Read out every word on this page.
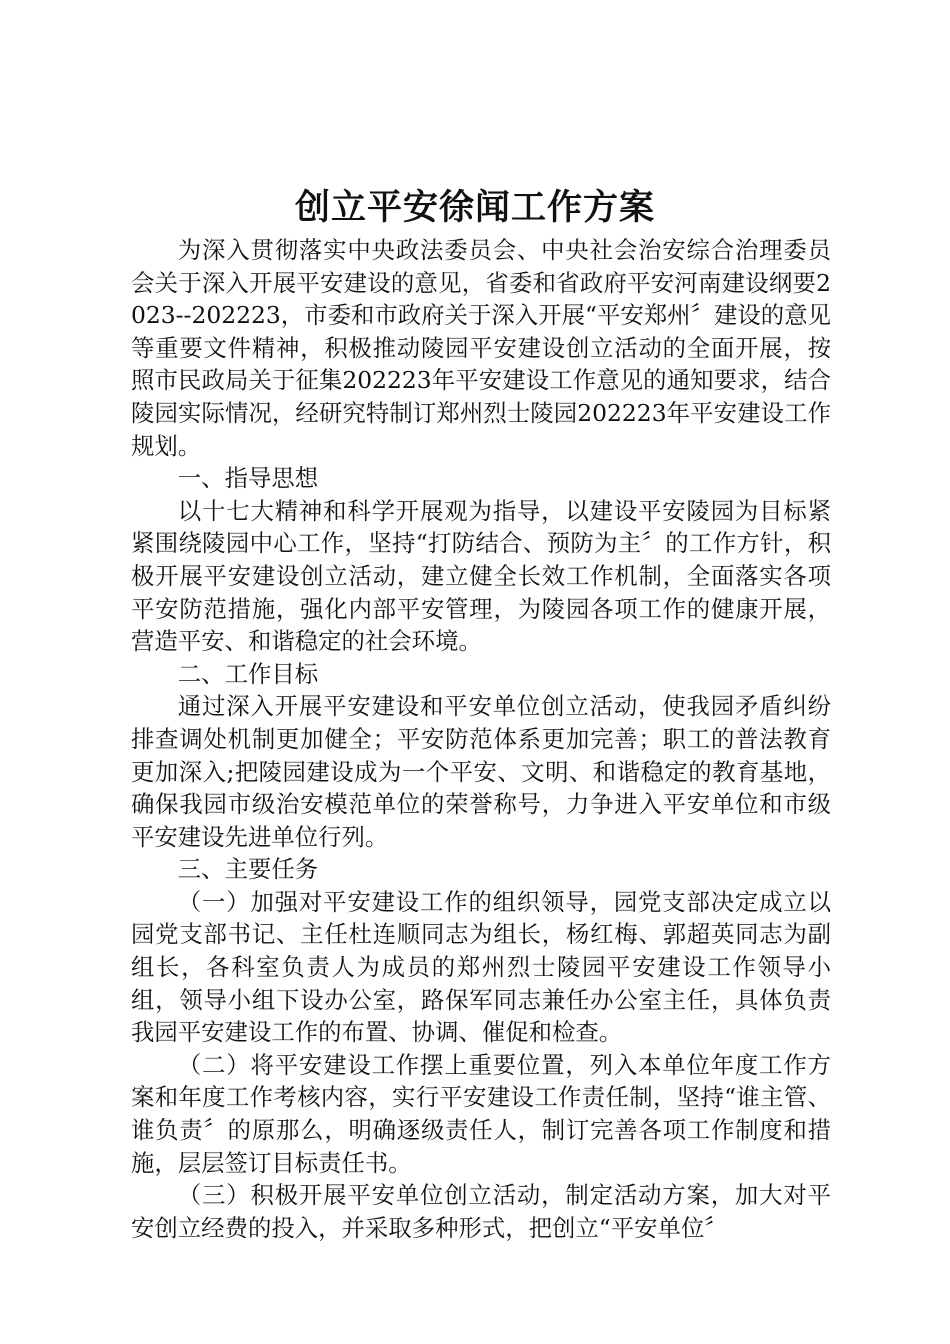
创立平安徐闻工作方案

为深入贯彻落实中央政法委员会、中央社会治安综合治理委员会关于深入开展平安建设的意见，省委和省政府平安河南建设纲要2023--202223，市委和市政府关于深入开展“平安郑州〞建设的意见等重要文件精神，积极推动陵园平安建设创立活动的全面开展，按照市民政局关于征集202223年平安建设工作意见的通知要求，结合陵园实际情况，经研究特制订郑州烈士陵园202223年平安建设工作规划。

一、指导思想

以十七大精神和科学开展观为指导，以建设平安陵园为目标紧紧围绕陵园中心工作，坚持“打防结合、预防为主〞的工作方针，积极开展平安建设创立活动，建立健全长效工作机制，全面落实各项平安防范措施，强化内部平安管理，为陵园各项工作的健康开展，营造平安、和谐稳定的社会环境。

二、工作目标

通过深入开展平安建设和平安单位创立活动，使我园矛盾纠纷排查调处机制更加健全；平安防范体系更加完善；职工的普法教育更加深入;把陵园建设成为一个平安、文明、和谐稳定的教育基地，确保我园市级治安模范单位的荣誉称号，力争进入平安单位和市级平安建设先进单位行列。

三、主要任务

（一）加强对平安建设工作的组织领导，园党支部决定成立以园党支部书记、主任杜连顺同志为组长，杨红梅、郭超英同志为副组长，各科室负责人为成员的郑州烈士陵园平安建设工作领导小组，领导小组下设办公室，路保军同志兼任办公室主任，具体负责我园平安建设工作的布置、协调、催促和检查。

（二）将平安建设工作摆上重要位置，列入本单位年度工作方案和年度工作考核内容，实行平安建设工作责任制，坚持“谁主管、谁负责〞的原那么，明确逐级责任人，制订完善各项工作制度和措施，层层签订目标责任书。

（三）积极开展平安单位创立活动，制定活动方案，加大对平安创立经费的投入，并采取多种形式，把创立“平安单位〞
